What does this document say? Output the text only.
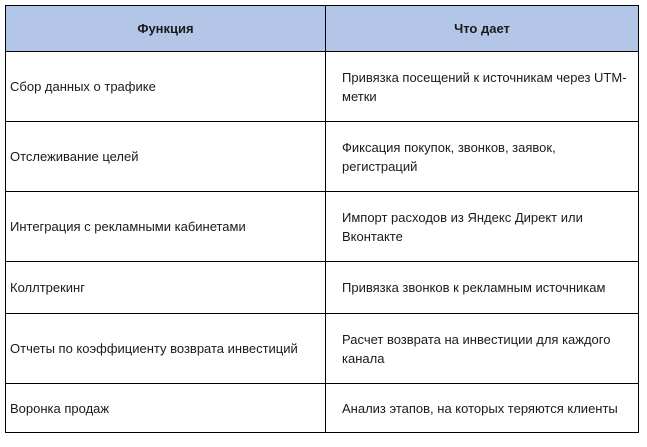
Функция	Что дает
Сбор данных о трафике	Привязка посещений к источникам через UTM-метки
Отслеживание целей	Фиксация покупок, звонков, заявок, регистраций
Интеграция с рекламными кабинетами	Импорт расходов из Яндекс Директ или Вконтакте
Коллтрекинг	Привязка звонков к рекламным источникам
Отчеты по коэффициенту возврата инвестиций	Расчет возврата на инвестиции для каждого канала
Воронка продаж	Анализ этапов, на которых теряются клиенты
